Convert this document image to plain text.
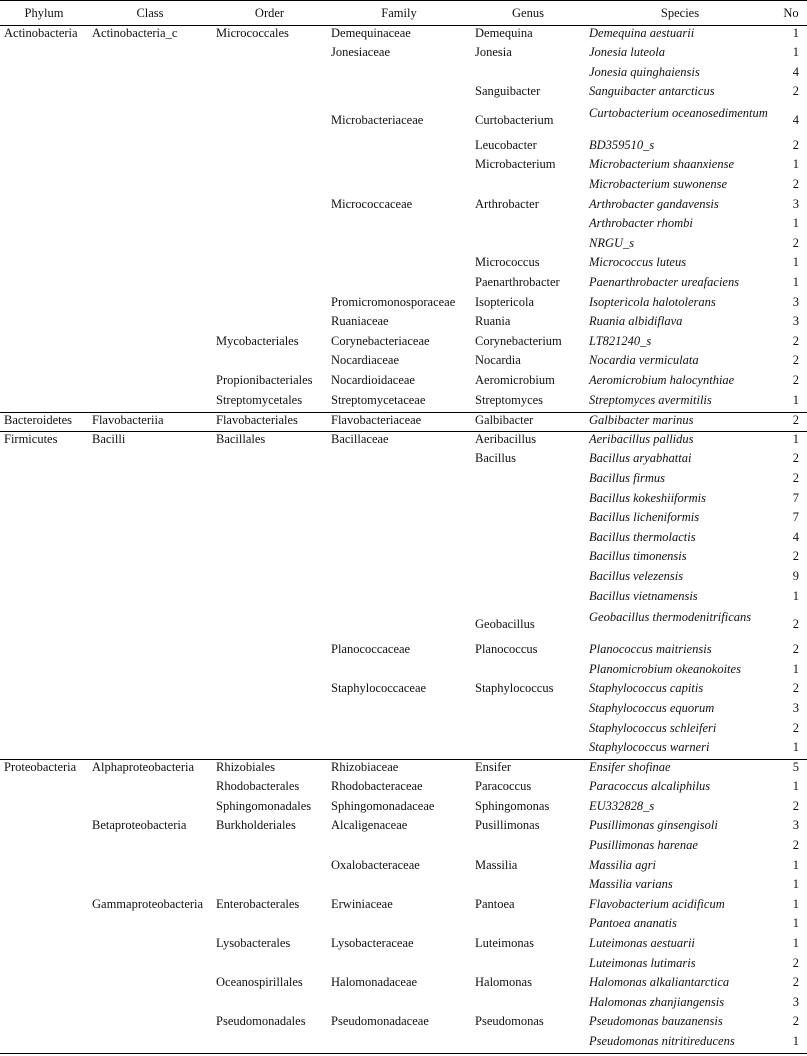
Phylum	Class	Order	Family	Genus	Species	No
Actinobacteria	Actinobacteria_c	Micrococcales	Demequinaceae	Demequina	Demequina aestuarii	1
			Jonesiaceae	Jonesia	Jonesia luteola	1
					Jonesia quinghaiensis	4
				Sanguibacter	Sanguibacter antarcticus	2
			Microbacteriaceae	Curtobacterium	Curtobacterium oceanosedimentum	4
				Leucobacter	BD359510_s	2
				Microbacterium	Microbacterium shaanxiense	1
					Microbacterium suwonense	2
			Micrococcaceae	Arthrobacter	Arthrobacter gandavensis	3
					Arthrobacter rhombi	1
					NRGU_s	2
				Micrococcus	Micrococcus luteus	1
				Paenarthrobacter	Paenarthrobacter ureafaciens	1
			Promicromonosporaceae	Isoptericola	Isoptericola halotolerans	3
			Ruaniaceae	Ruania	Ruania albidiflava	3
		Mycobacteriales	Corynebacteriaceae	Corynebacterium	LT821240_s	2
			Nocardiaceae	Nocardia	Nocardia vermiculata	2
		Propionibacteriales	Nocardioidaceae	Aeromicrobium	Aeromicrobium halocynthiae	2
		Streptomycetales	Streptomycetaceae	Streptomyces	Streptomyces avermitilis	1
Bacteroidetes	Flavobacteriia	Flavobacteriales	Flavobacteriaceae	Galbibacter	Galbibacter marinus	2
Firmicutes	Bacilli	Bacillales	Bacillaceae	Aeribacillus	Aeribacillus pallidus	1
				Bacillus	Bacillus aryabhattai	2
					Bacillus firmus	2
					Bacillus kokeshiiformis	7
					Bacillus licheniformis	7
					Bacillus thermolactis	4
					Bacillus timonensis	2
					Bacillus velezensis	9
					Bacillus vietnamensis	1
				Geobacillus	Geobacillus thermodenitrificans	2
			Planococcaceae	Planococcus	Planococcus maitriensis	2
					Planomicrobium okeanokoites	1
			Staphylococcaceae	Staphylococcus	Staphylococcus capitis	2
					Staphylococcus equorum	3
					Staphylococcus schleiferi	2
					Staphylococcus warneri	1
Proteobacteria	Alphaproteobacteria	Rhizobiales	Rhizobiaceae	Ensifer	Ensifer shofinae	5
		Rhodobacterales	Rhodobacteraceae	Paracoccus	Paracoccus alcaliphilus	1
		Sphingomonadales	Sphingomonadaceae	Sphingomonas	EU332828_s	2
	Betaproteobacteria	Burkholderiales	Alcaligenaceae	Pusillimonas	Pusillimonas ginsengisoli	3
					Pusillimonas harenae	2
			Oxalobacteraceae	Massilia	Massilia agri	1
					Massilia varians	1
	Gammaproteobacteria	Enterobacterales	Erwiniaceae	Pantoea	Flavobacterium acidificum	1
					Pantoea ananatis	1
		Lysobacterales	Lysobacteraceae	Luteimonas	Luteimonas aestuarii	1
					Luteimonas lutimaris	2
		Oceanospirillales	Halomonadaceae	Halomonas	Halomonas alkaliantarctica	2
					Halomonas zhanjiangensis	3
		Pseudomonadales	Pseudomonadaceae	Pseudomonas	Pseudomonas bauzanensis	2
					Pseudomonas nitritireducens	1
